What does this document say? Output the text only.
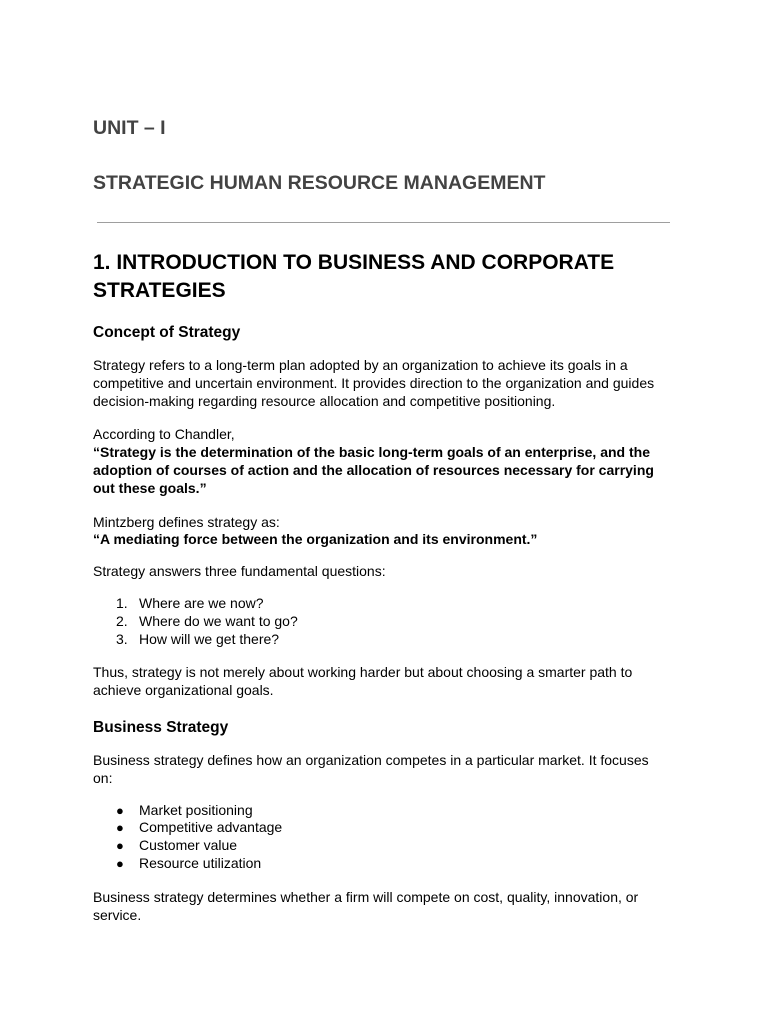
UNIT – I
STRATEGIC HUMAN RESOURCE MANAGEMENT
1. INTRODUCTION TO BUSINESS AND CORPORATE STRATEGIES
Concept of Strategy

Strategy refers to a long-term plan adopted by an organization to achieve its goals in a competitive and uncertain environment. It provides direction to the organization and guides decision-making regarding resource allocation and competitive positioning.

According to Chandler,
“Strategy is the determination of the basic long-term goals of an enterprise, and the adoption of courses of action and the allocation of resources necessary for carrying out these goals.”

Mintzberg defines strategy as:
“A mediating force between the organization and its environment.”

Strategy answers three fundamental questions:

1. Where are we now?
2. Where do we want to go?
3. How will we get there?

Thus, strategy is not merely about working harder but about choosing a smarter path to achieve organizational goals.

Business Strategy

Business strategy defines how an organization competes in a particular market. It focuses on:

● Market positioning
● Competitive advantage
● Customer value
● Resource utilization

Business strategy determines whether a firm will compete on cost, quality, innovation, or service.
